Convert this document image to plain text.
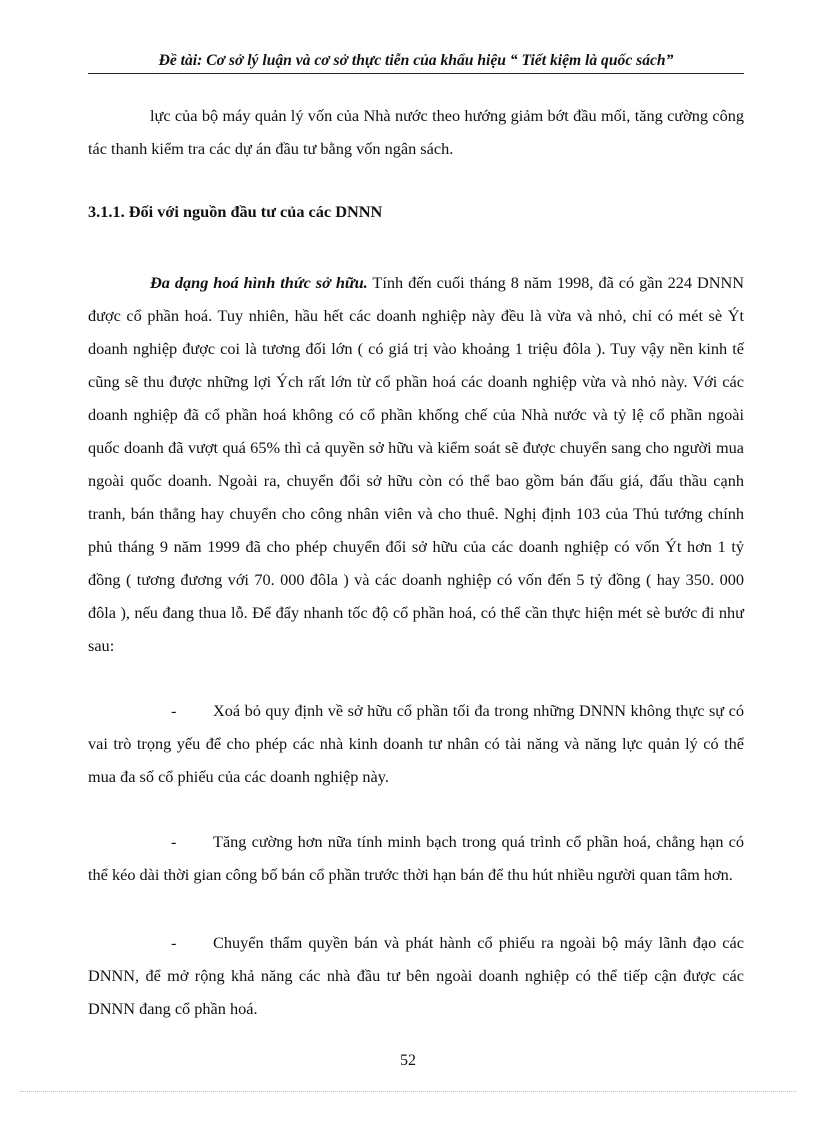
Đề tài: Cơ sở lý luận và cơ sở thực tiễn của khẩu hiệu “ Tiết kiệm là quốc sách”

lực của bộ máy quản lý vốn của Nhà nước theo hướng giảm bớt đầu mối, tăng cường công tác thanh kiểm tra các dự án đầu tư bằng vốn ngân sách.

3.1.1. Đối với nguồn đầu tư của các DNNN

Đa dạng hoá hình thức sở hữu. Tính đến cuối tháng 8 năm 1998, đã có gần 224 DNNN được cổ phần hoá. Tuy nhiên, hầu hết các doanh nghiệp này đều là vừa và nhỏ, chỉ có mét sè Ýt doanh nghiệp được coi là tương đối lớn ( có giá trị vào khoảng 1 triệu đôla ). Tuy vậy nền kinh tế cũng sẽ thu được những lợi Ých rất lớn từ cổ phần hoá các doanh nghiệp vừa và nhỏ này. Với các doanh nghiệp đã cổ phần hoá không có cổ phần khống chế của Nhà nước và tỷ lệ cổ phần ngoài quốc doanh đã vượt quá 65% thì cả quyền sở hữu và kiểm soát sẽ được chuyển sang cho người mua ngoài quốc doanh. Ngoài ra, chuyển đổi sở hữu còn có thể bao gồm bán đấu giá, đấu thầu cạnh tranh, bán thẳng hay chuyển cho công nhân viên và cho thuê. Nghị định 103 của Thủ tướng chính phủ tháng 9 năm 1999 đã cho phép chuyển đổi sở hữu của các doanh nghiệp có vốn Ýt hơn 1 tỷ đồng ( tương đương với 70. 000 đôla ) và các doanh nghiệp có vốn đến 5 tỷ đồng ( hay 350. 000 đôla ), nếu đang thua lỗ. Để đẩy nhanh tốc độ cổ phần hoá, có thể cần thực hiện mét sè bước đi như sau:

- Xoá bỏ quy định về sở hữu cổ phần tối đa trong những DNNN không thực sự có vai trò trọng yếu để cho phép các nhà kinh doanh tư nhân có tài năng và năng lực quản lý có thể mua đa số cổ phiếu của các doanh nghiệp này.

- Tăng cường hơn nữa tính minh bạch trong quá trình cổ phần hoá, chẳng hạn có thể kéo dài thời gian công bố bán cổ phần trước thời hạn bán để thu hút nhiều người quan tâm hơn.

- Chuyển thẩm quyền bán và phát hành cổ phiếu ra ngoài bộ máy lãnh đạo các DNNN, để mở rộng khả năng các nhà đầu tư bên ngoài doanh nghiệp có thể tiếp cận được các DNNN đang cổ phần hoá.

52
